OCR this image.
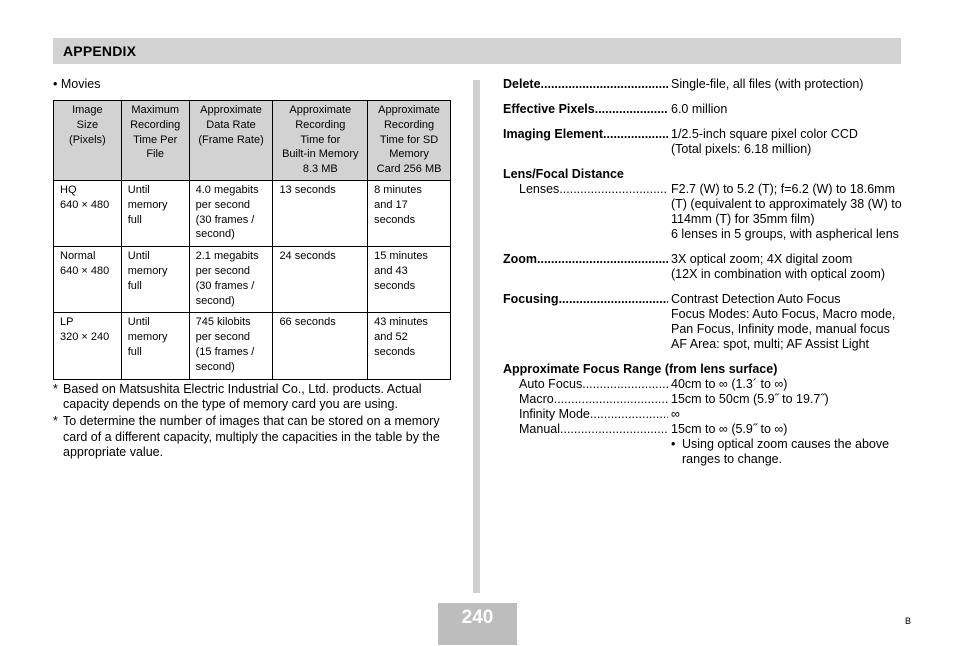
APPENDIX
• Movies
Image
Size
(Pixels)	Maximum
Recording
Time Per
File	Approximate
Data Rate
(Frame Rate)	Approximate
Recording
Time for
Built-in Memory
8.3 MB	Approximate
Recording
Time for SD
Memory
Card 256 MB
HQ
640 × 480	Until
memory
full	4.0 megabits
per second
(30 frames /
second)	13 seconds	8 minutes
and 17
seconds
Normal
640 × 480	Until
memory
full	2.1 megabits
per second
(30 frames /
second)	24 seconds	15 minutes
and 43
seconds
LP
320 × 240	Until
memory
full	745 kilobits
per second
(15 frames /
second)	66 seconds	43 minutes
and 52
seconds
* Based on Matsushita Electric Industrial Co., Ltd. products. Actual capacity depends on the type of memory card you are using.
* To determine the number of images that can be stored on a memory card of a different capacity, multiply the capacities in the table by the appropriate value.
Delete .....	Single-file, all files (with protection)
Effective Pixels .....	6.0 million
Imaging Element .....	1/2.5-inch square pixel color CCD
(Total pixels: 6.18 million)
Lens/Focal Distance
Lenses .....	F2.7 (W) to 5.2 (T); f=6.2 (W) to 18.6mm (T) (equivalent to approximately 38 (W) to 114mm (T) for 35mm film)
6 lenses in 5 groups, with aspherical lens
Zoom .....	3X optical zoom; 4X digital zoom
(12X in combination with optical zoom)
Focusing .....	Contrast Detection Auto Focus
Focus Modes: Auto Focus, Macro mode, Pan Focus, Infinity mode, manual focus
AF Area: spot, multi; AF Assist Light
Approximate Focus Range (from lens surface)
Auto Focus .....	40cm to ∞ (1.3´ to ∞)
Macro .....	15cm to 50cm (5.9˝ to 19.7˝)
Infinity Mode .....	∞
Manual .....	15cm to ∞ (5.9˝ to ∞)
• Using optical zoom causes the above ranges to change.
240	B
